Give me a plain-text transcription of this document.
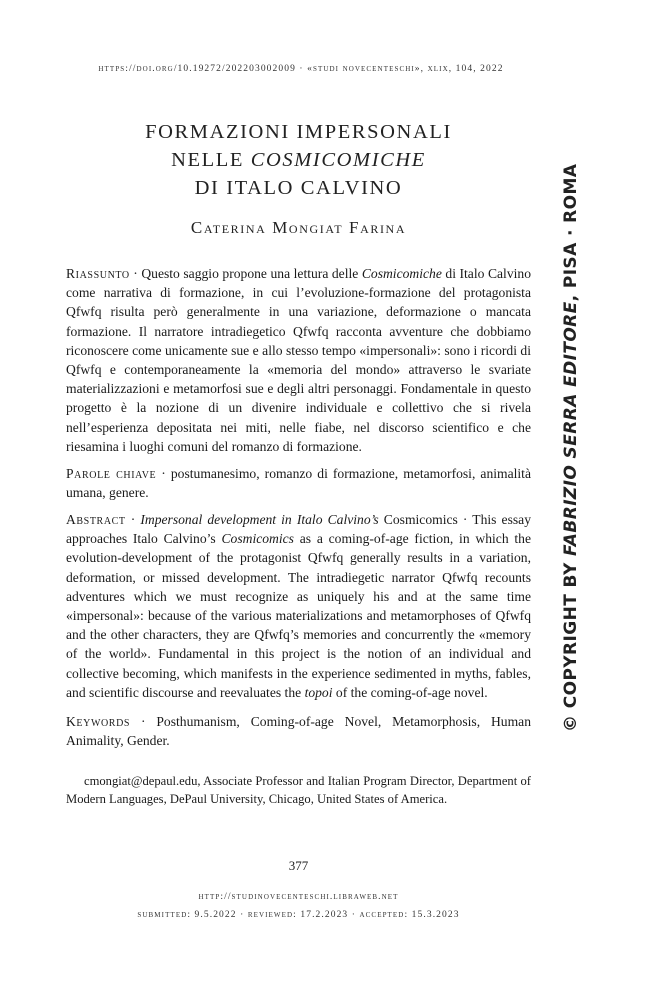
https://doi.org/10.19272/202203002009 · «studi novecenteschi», xlix, 104, 2022
FORMAZIONI IMPERSONALI
NELLE COSMICOMICHE
DI ITALO CALVINO
Caterina Mongiat Farina
Riassunto · Questo saggio propone una lettura delle Cosmicomiche di Italo Calvino come narrativa di formazione, in cui l’evoluzione-formazione del protagonista Qfwfq risulta però generalmente in una variazione, deformazione o mancata formazione. Il narratore intradiegetico Qfwfq racconta avventure che dobbiamo riconoscere come unicamente sue e allo stesso tempo «impersonali»: sono i ricordi di Qfwfq e contemporaneamente la «memoria del mondo» attraverso le svariate materializzazioni e metamorfosi sue e degli altri personaggi. Fondamentale in questo progetto è la nozione di un divenire individuale e collettivo che si rivela nell’esperienza depositata nei miti, nelle fiabe, nel discorso scientifico e che riesamina i luoghi comuni del romanzo di formazione.
Parole chiave · postumanesimo, romanzo di formazione, metamorfosi, animalità umana, genere.
Abstract · Impersonal development in Italo Calvino’s Cosmicomics · This essay approaches Italo Calvino’s Cosmicomics as a coming-of-age fiction, in which the evolution-development of the protagonist Qfwfq generally results in a variation, deformation, or missed development. The intradiegetic narrator Qfwfq recounts adventures which we must recognize as uniquely his and at the same time «impersonal»: because of the various materializations and metamorphoses of Qfwfq and the other characters, they are Qfwfq’s memories and concurrently the «memory of the world». Fundamental in this project is the notion of an individual and collective becoming, which manifests in the experience sedimented in myths, fables, and scientific discourse and reevaluates the topoi of the coming-of-age novel.
Keywords · Posthumanism, Coming-of-age Novel, Metamorphosis, Human Animality, Gender.
cmongiat@depaul.edu, Associate Professor and Italian Program Director, Department of Modern Languages, DePaul University, Chicago, United States of America.
377
http://studinovecenteschi.libraweb.net
submitted: 9.5.2022 · reviewed: 17.2.2023 · accepted: 15.3.2023
© COPYRIGHT BY FABRIZIO SERRA EDITORE, PISA · ROMA
